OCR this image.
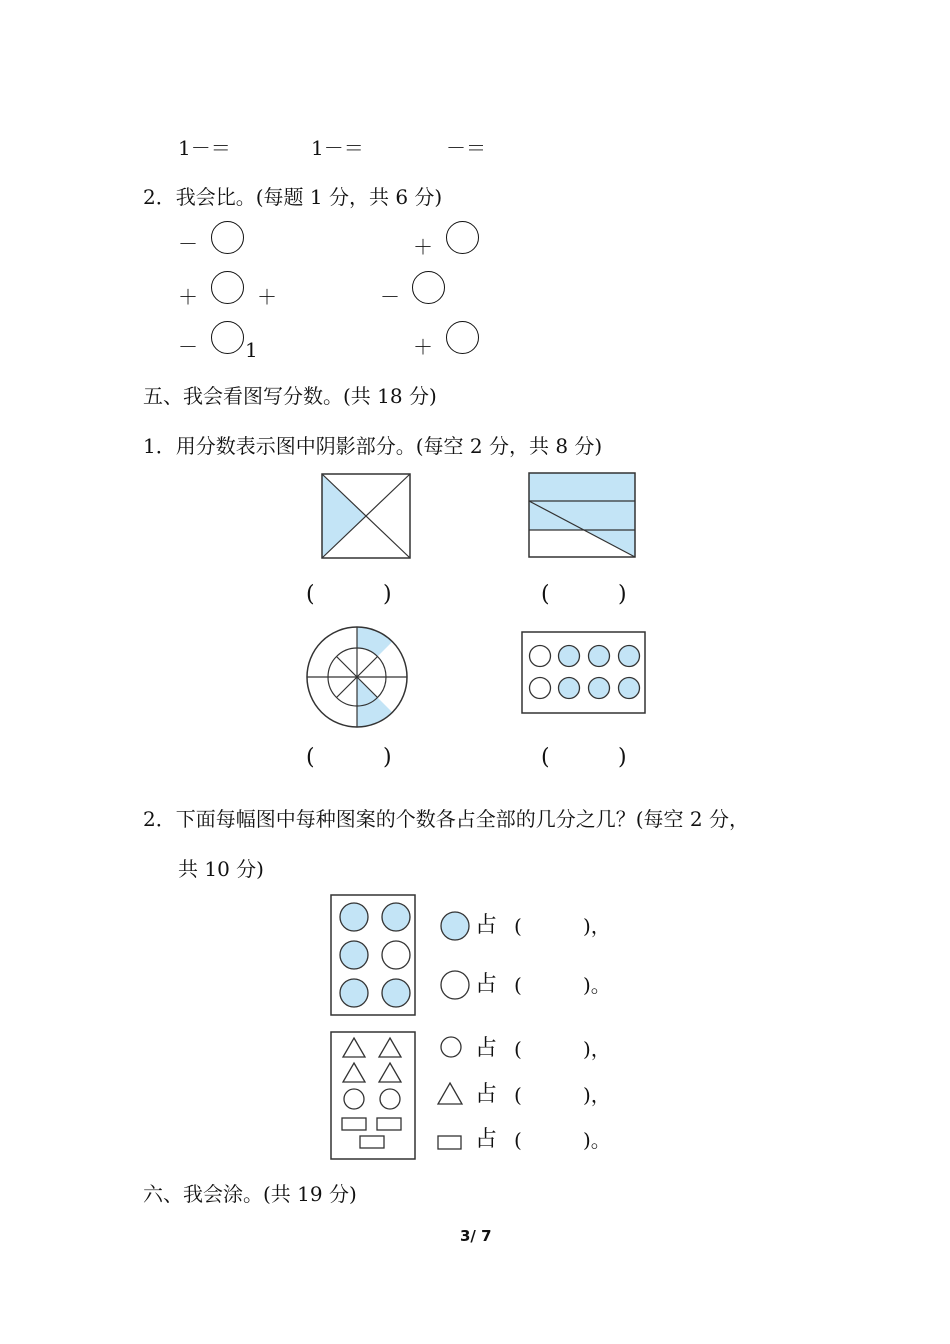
1－＝	1－＝	－＝
2．我会比。(每题 1 分，共 6 分)
－	＋
＋	＋	－
－ 1	＋
五、我会看图写分数。(共 18 分)
1．用分数表示图中阴影部分。(每空 2 分，共 8 分)
(	)	(	)
(	)	(	)
2．下面每幅图中每种图案的个数各占全部的几分之几？(每空 2 分，
共 10 分)
占 (	)，
占 (	)。
占 (	)，
占 (	)，
占 (	)。
六、我会涂。(共 19 分)
3/ 7
